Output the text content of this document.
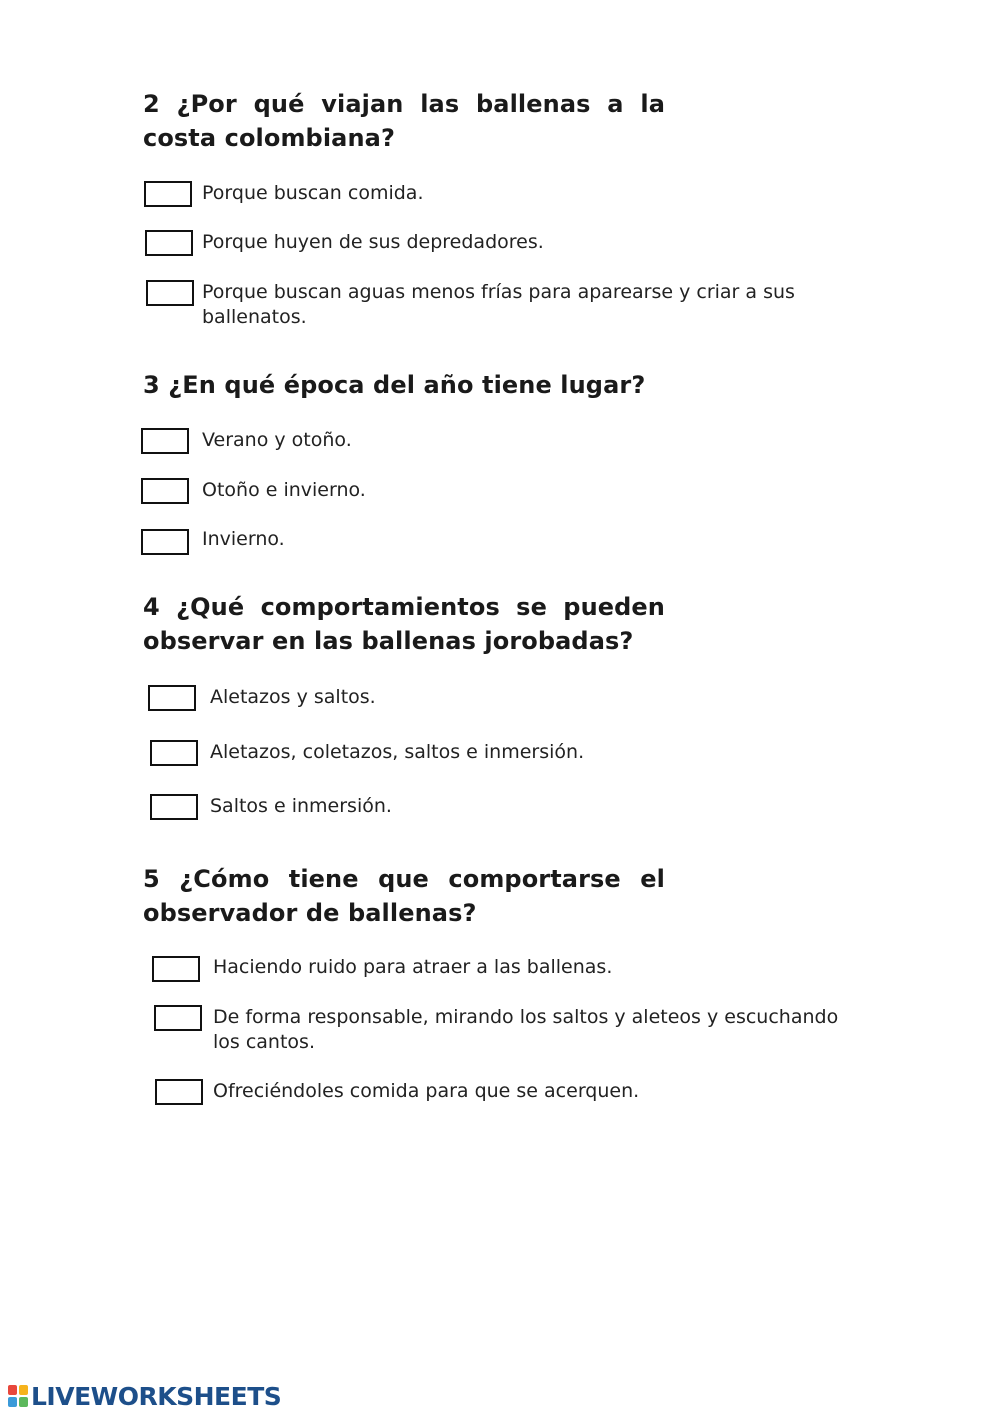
2 ¿Por qué viajan las ballenas a la costa colombiana?
Porque buscan comida.
Porque huyen de sus depredadores.
Porque buscan aguas menos frías para aparearse y criar a sus ballenatos.
3 ¿En qué época del año tiene lugar?
Verano y otoño.
Otoño e invierno.
Invierno.
4 ¿Qué comportamientos se pueden observar en las ballenas jorobadas?
Aletazos y saltos.
Aletazos, coletazos, saltos e inmersión.
Saltos e inmersión.
5 ¿Cómo tiene que comportarse el observador de ballenas?
Haciendo ruido para atraer a las ballenas.
De forma responsable, mirando los saltos y aleteos y escuchando los cantos.
Ofreciéndoles comida para que se acerquen.
LIVEWORKSHEETS
